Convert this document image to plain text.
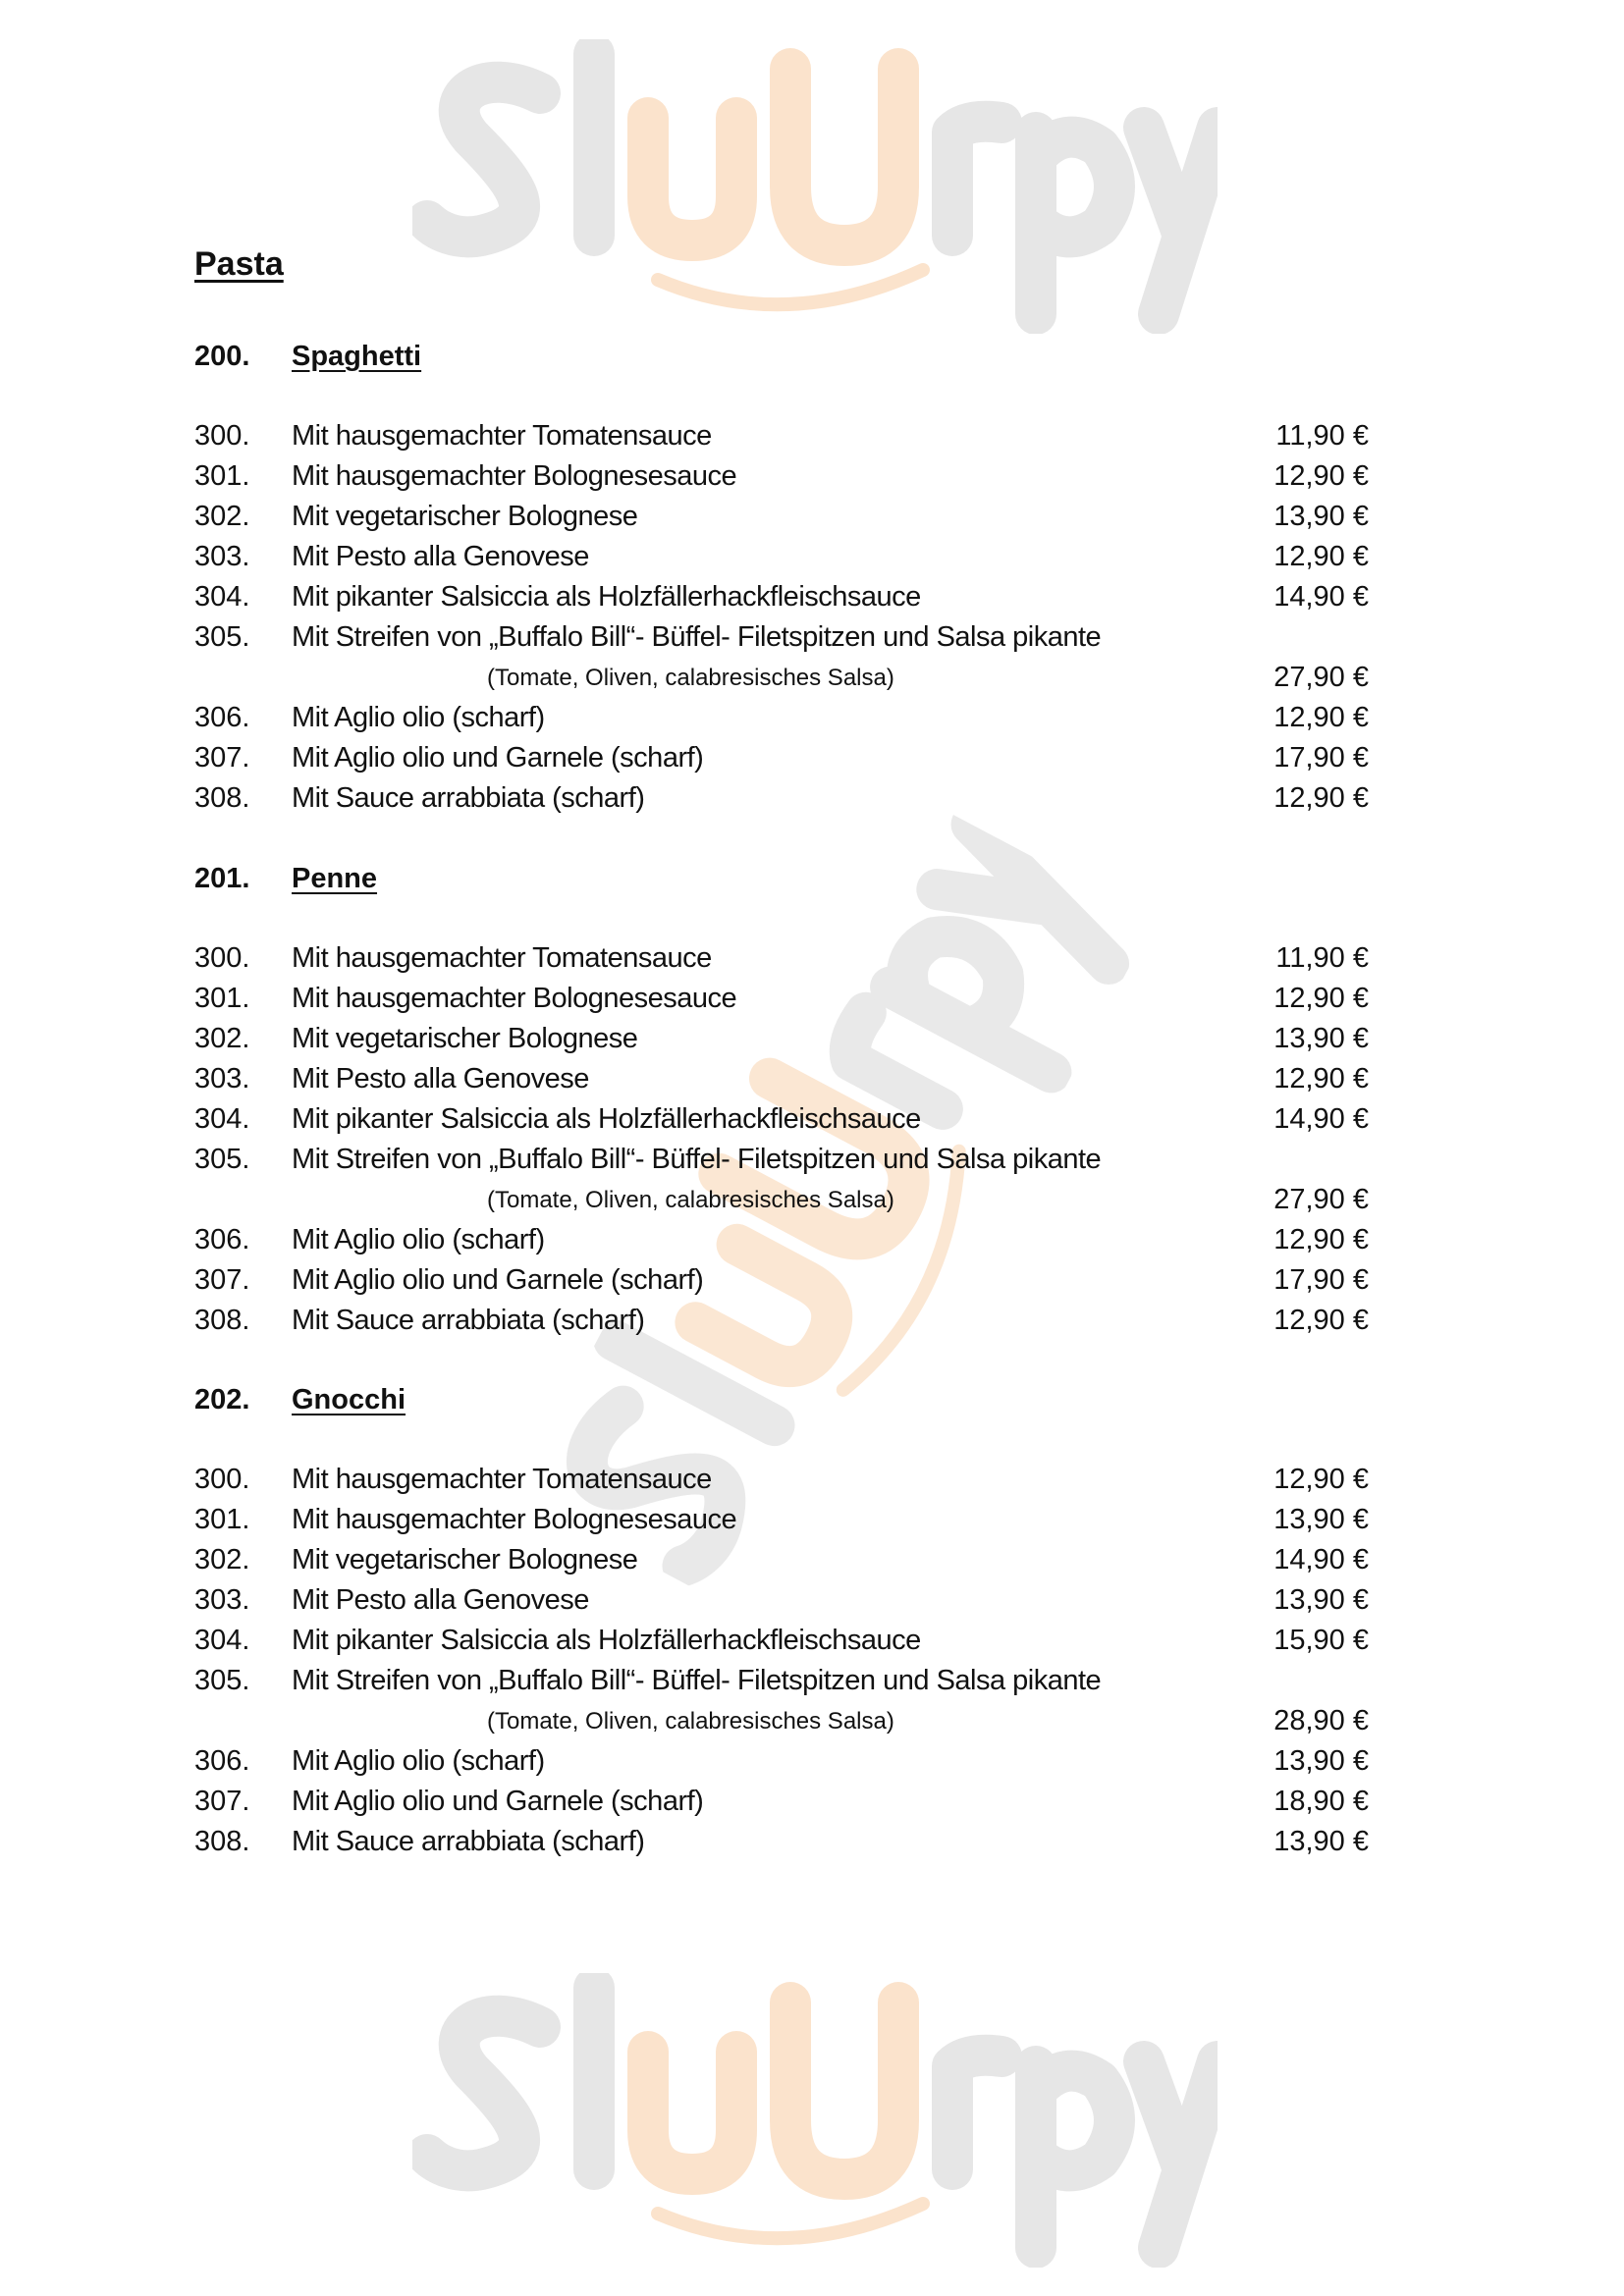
Pasta
200. Spaghetti
300. Mit hausgemachter Tomatensauce	11,90 €
301. Mit hausgemachter Bolognesesauce	12,90 €
302. Mit vegetarischer Bolognese	13,90 €
303. Mit Pesto alla Genovese	12,90 €
304. Mit pikanter Salsiccia als Holzfällerhackfleischsauce	14,90 €
305. Mit Streifen von „Buffalo Bill“- Büffel- Filetspitzen und Salsa pikante
(Tomate, Oliven, calabresisches Salsa)	27,90 €
306. Mit Aglio olio (scharf)	12,90 €
307. Mit Aglio olio und Garnele (scharf)	17,90 €
308. Mit Sauce arrabbiata (scharf)	12,90 €
201. Penne
300. Mit hausgemachter Tomatensauce	11,90 €
301. Mit hausgemachter Bolognesesauce	12,90 €
302. Mit vegetarischer Bolognese	13,90 €
303. Mit Pesto alla Genovese	12,90 €
304. Mit pikanter Salsiccia als Holzfällerhackfleischsauce	14,90 €
305. Mit Streifen von „Buffalo Bill“- Büffel- Filetspitzen und Salsa pikante
(Tomate, Oliven, calabresisches Salsa)	27,90 €
306. Mit Aglio olio (scharf)	12,90 €
307. Mit Aglio olio und Garnele (scharf)	17,90 €
308. Mit Sauce arrabbiata (scharf)	12,90 €
202. Gnocchi
300. Mit hausgemachter Tomatensauce	12,90 €
301. Mit hausgemachter Bolognesesauce	13,90 €
302. Mit vegetarischer Bolognese	14,90 €
303. Mit Pesto alla Genovese	13,90 €
304. Mit pikanter Salsiccia als Holzfällerhackfleischsauce	15,90 €
305. Mit Streifen von „Buffalo Bill“- Büffel- Filetspitzen und Salsa pikante
(Tomate, Oliven, calabresisches Salsa)	28,90 €
306. Mit Aglio olio (scharf)	13,90 €
307. Mit Aglio olio und Garnele (scharf)	18,90 €
308. Mit Sauce arrabbiata (scharf)	13,90 €
